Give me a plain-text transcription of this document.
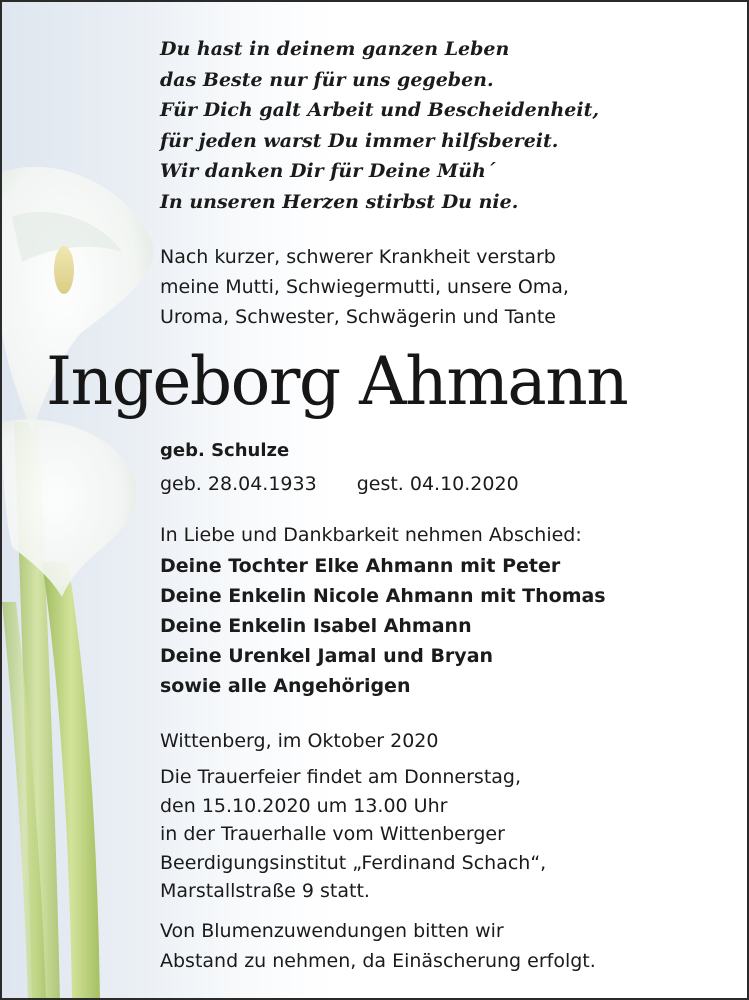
Du hast in deinem ganzen Leben
das Beste nur für uns gegeben.
Für Dich galt Arbeit und Bescheidenheit,
für jeden warst Du immer hilfsbereit.
Wir danken Dir für Deine Müh´
In unseren Herzen stirbst Du nie.
Nach kurzer, schwerer Krankheit verstarb
meine Mutti, Schwiegermutti, unsere Oma,
Uroma, Schwester, Schwägerin und Tante
Ingeborg Ahmann
geb. Schulze
geb. 28.04.1933 gest. 04.10.2020
In Liebe und Dankbarkeit nehmen Abschied:
Deine Tochter Elke Ahmann mit Peter
Deine Enkelin Nicole Ahmann mit Thomas
Deine Enkelin Isabel Ahmann
Deine Urenkel Jamal und Bryan
sowie alle Angehörigen
Wittenberg, im Oktober 2020
Die Trauerfeier findet am Donnerstag,
den 15.10.2020 um 13.00 Uhr
in der Trauerhalle vom Wittenberger
Beerdigungsinstitut „Ferdinand Schach“,
Marstallstraße 9 statt.
Von Blumenzuwendungen bitten wir
Abstand zu nehmen, da Einäscherung erfolgt.
